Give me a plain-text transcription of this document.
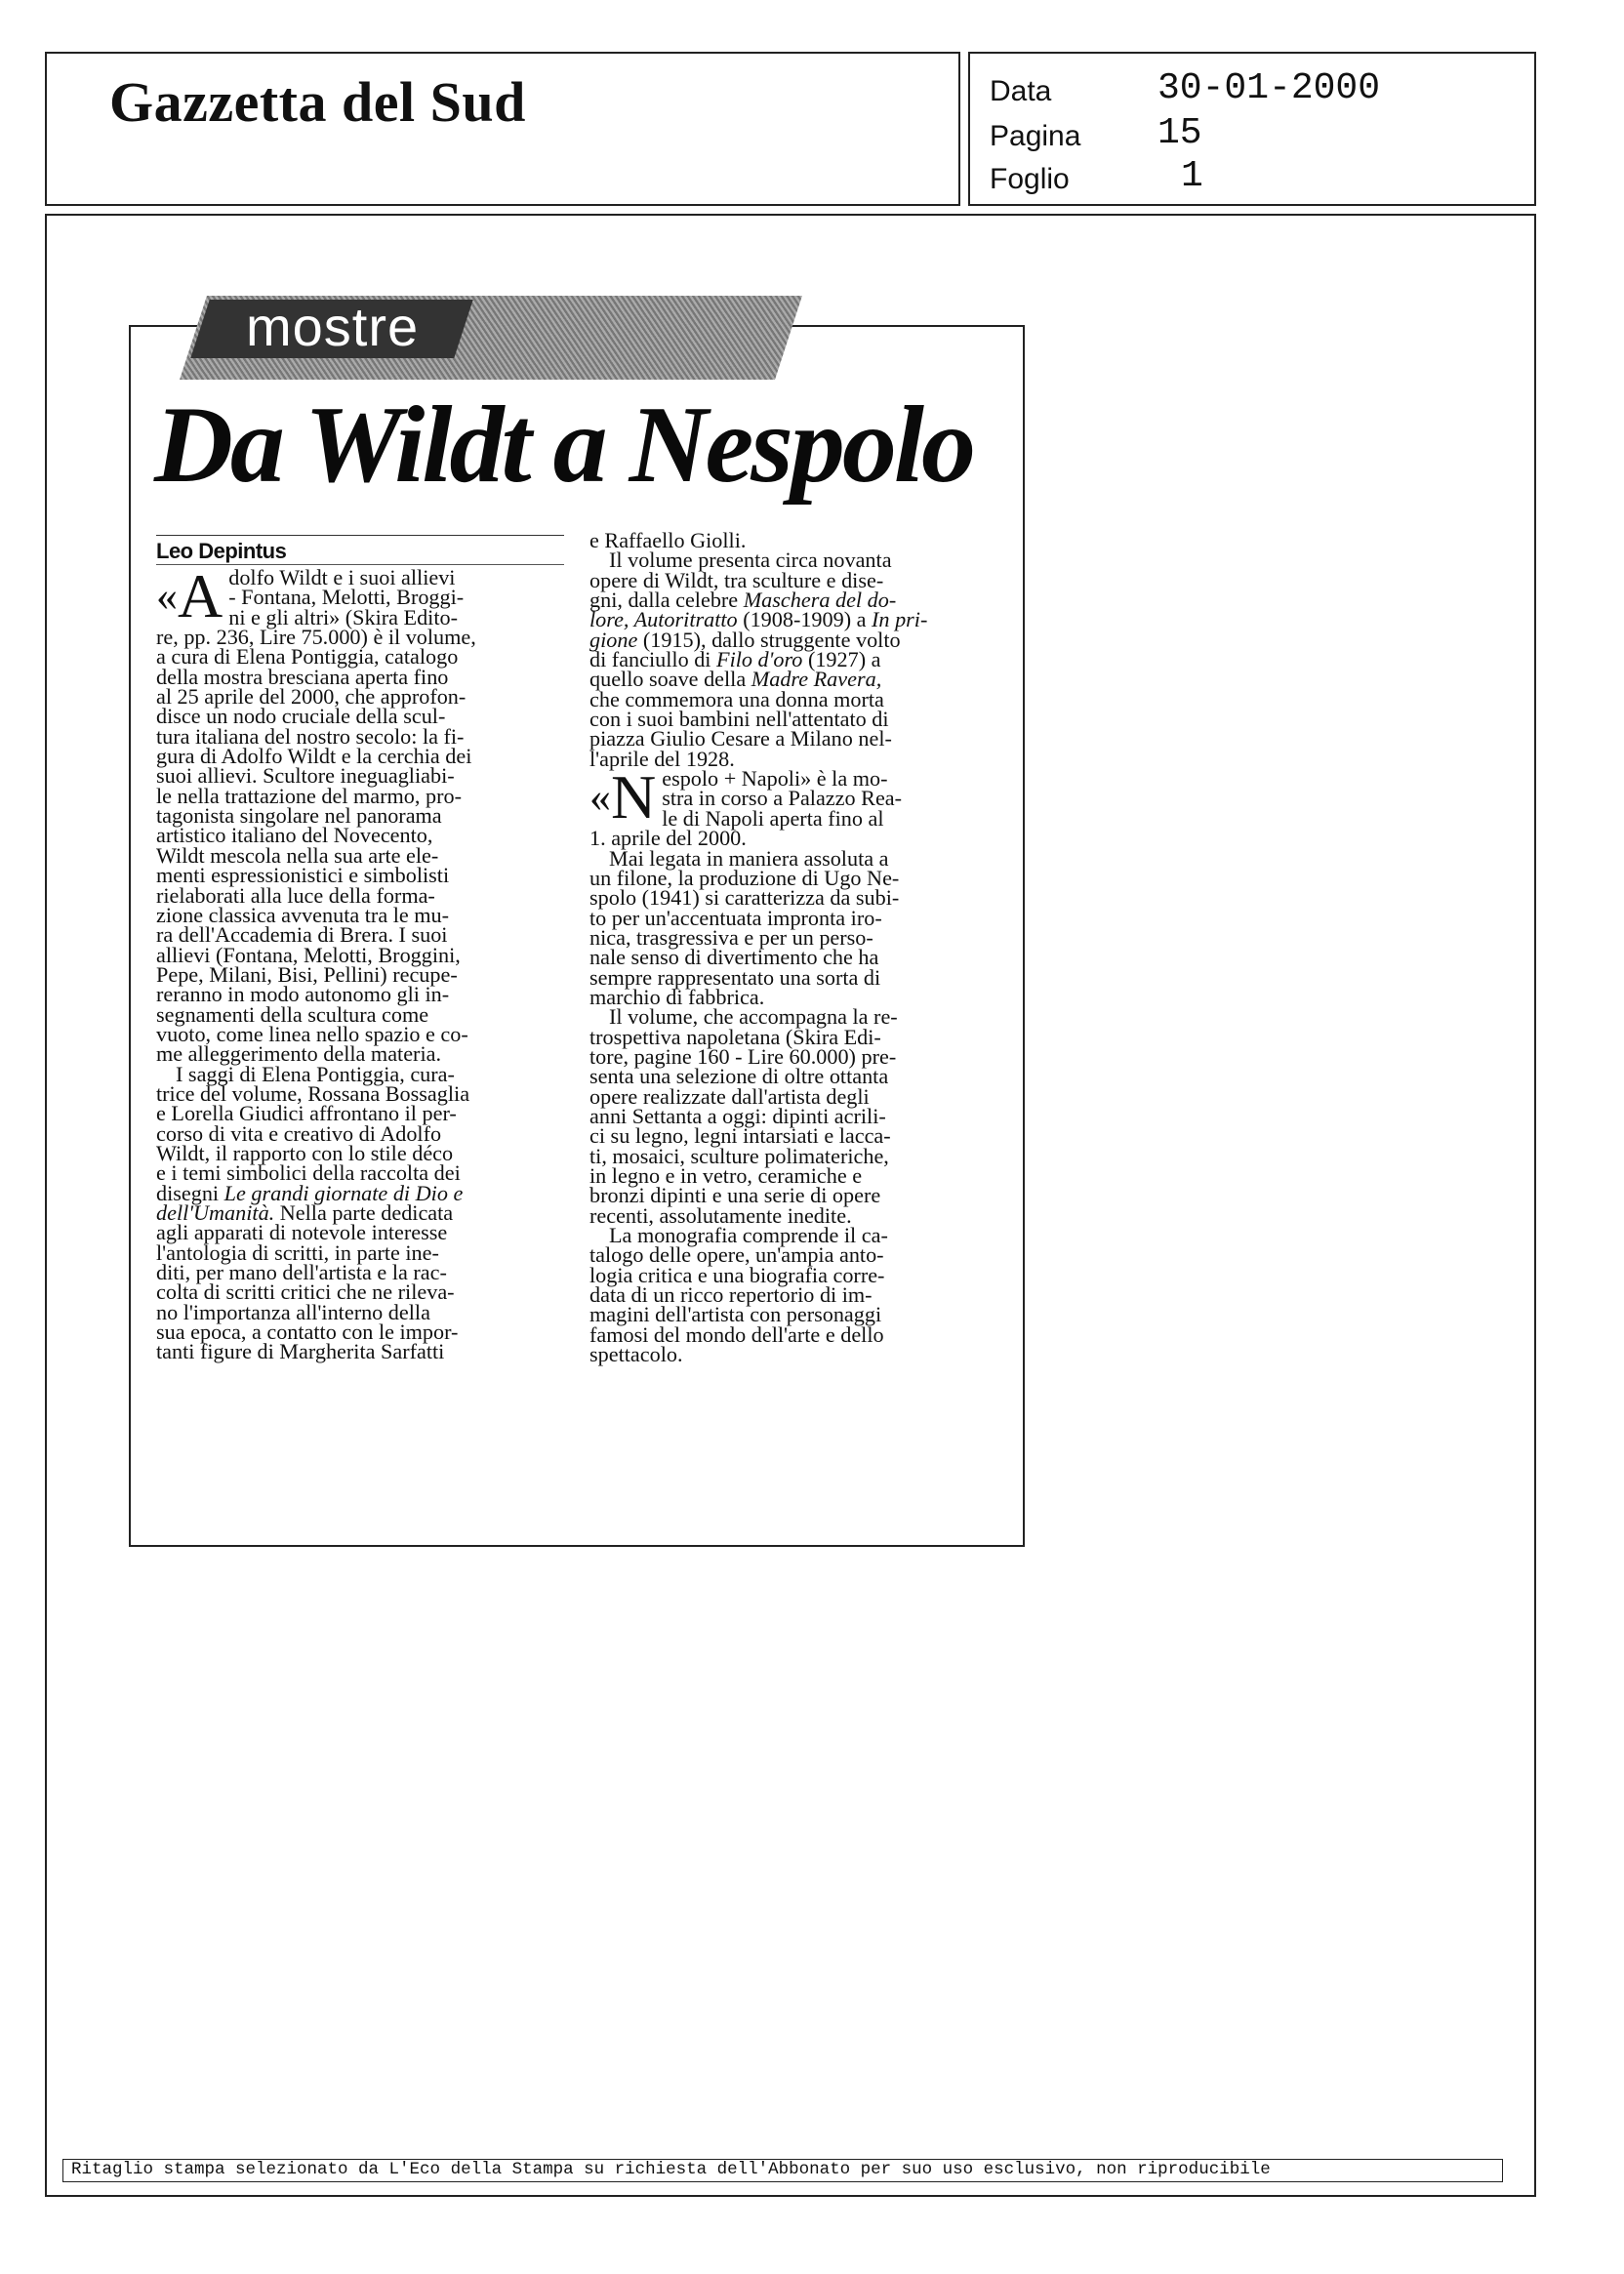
Gazzetta del Sud	Data	30-01-2000
Pagina 15
Foglio	1
mostre
Da Wildt a Nespolo
Leo Depintus
«A dolfo Wildt e i suoi allievi
- Fontana, Melotti, Broggi-
ni e gli altri» (Skira Edito-
re, pp. 236, Lire 75.000) è il volume,
a cura di Elena Pontiggia, catalogo
della mostra bresciana aperta fino
al 25 aprile del 2000, che approfon-
disce un nodo cruciale della scul-
tura italiana del nostro secolo: la fi-
gura di Adolfo Wildt e la cerchia dei
suoi allievi. Scultore ineguagliabi-
le nella trattazione del marmo, pro-
tagonista singolare nel panorama
artistico italiano del Novecento,
Wildt mescola nella sua arte ele-
menti espressionistici e simbolisti
rielaborati alla luce della forma-
zione classica avvenuta tra le mu-
ra dell'Accademia di Brera. I suoi
allievi (Fontana, Melotti, Broggini,
Pepe, Milani, Bisi, Pellini) recupe-
reranno in modo autonomo gli in-
segnamenti della scultura come
vuoto, come linea nello spazio e co-
me alleggerimento della materia.
I saggi di Elena Pontiggia, cura-
trice del volume, Rossana Bossaglia
e Lorella Giudici affrontano il per-
corso di vita e creativo di Adolfo
Wildt, il rapporto con lo stile déco
e i temi simbolici della raccolta dei
disegni Le grandi giornate di Dio e
dell'Umanità. Nella parte dedicata
agli apparati di notevole interesse
l'antologia di scritti, in parte ine-
diti, per mano dell'artista e la rac-
colta di scritti critici che ne rileva-
no l'importanza all'interno della
sua epoca, a contatto con le impor-
tanti figure di Margherita Sarfatti
e Raffaello Giolli.
Il volume presenta circa novanta
opere di Wildt, tra sculture e dise-
gni, dalla celebre Maschera del do-
lore, Autoritratto (1908-1909) a In pri-
gione (1915), dallo struggente volto
di fanciullo di Filo d'oro (1927) a
quello soave della Madre Ravera,
che commemora una donna morta
con i suoi bambini nell'attentato di
piazza Giulio Cesare a Milano nel-
l'aprile del 1928.
«N espolo + Napoli» è la mo-
stra in corso a Palazzo Rea-
le di Napoli aperta fino al
1. aprile del 2000.
Mai legata in maniera assoluta a
un filone, la produzione di Ugo Ne-
spolo (1941) si caratterizza da subi-
to per un'accentuata impronta iro-
nica, trasgressiva e per un perso-
nale senso di divertimento che ha
sempre rappresentato una sorta di
marchio di fabbrica.
Il volume, che accompagna la re-
trospettiva napoletana (Skira Edi-
tore, pagine 160 - Lire 60.000) pre-
senta una selezione di oltre ottanta
opere realizzate dall'artista degli
anni Settanta a oggi: dipinti acrili-
ci su legno, legni intarsiati e lacca-
ti, mosaici, sculture polimateriche,
in legno e in vetro, ceramiche e
bronzi dipinti e una serie di opere
recenti, assolutamente inedite.
La monografia comprende il ca-
talogo delle opere, un'ampia anto-
logia critica e una biografia corre-
data di un ricco repertorio di im-
magini dell'artista con personaggi
famosi del mondo dell'arte e dello
spettacolo.
Ritaglio stampa selezionato da L'Eco della Stampa su richiesta dell'Abbonato per suo uso esclusivo, non riproducibile
